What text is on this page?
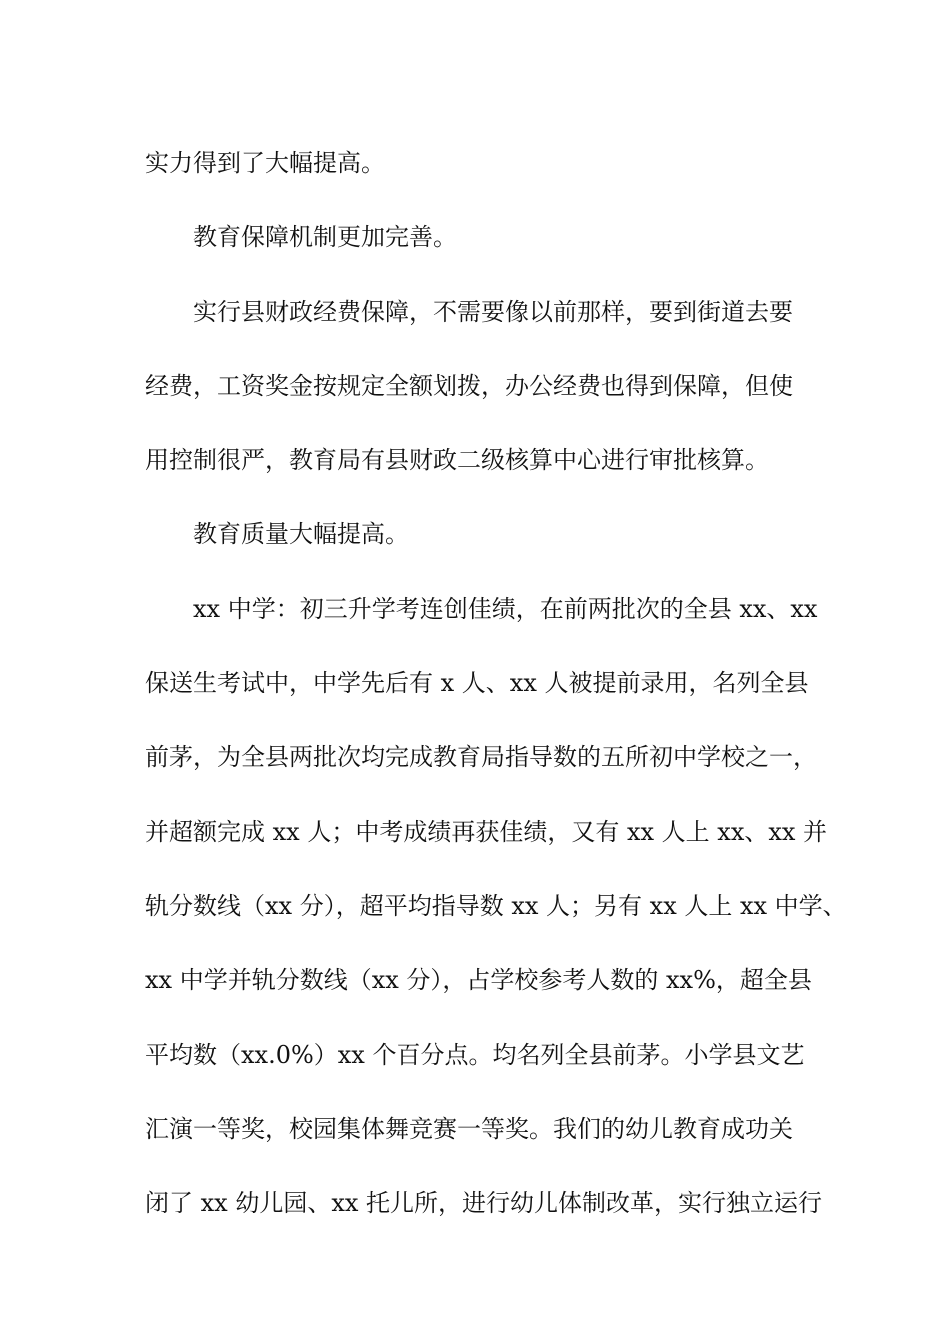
实力得到了大幅提高。
教育保障机制更加完善。
实行县财政经费保障，不需要像以前那样，要到街道去要
经费，工资奖金按规定全额划拨，办公经费也得到保障，但使
用控制很严，教育局有县财政二级核算中心进行审批核算。
教育质量大幅提高。
xx 中学：初三升学考连创佳绩，在前两批次的全县 xx、xx
保送生考试中，中学先后有 x 人、xx 人被提前录用，名列全县
前茅，为全县两批次均完成教育局指导数的五所初中学校之一，
并超额完成 xx 人；中考成绩再获佳绩，又有 xx 人上 xx、xx 并
轨分数线（xx 分），超平均指导数 xx 人；另有 xx 人上 xx 中学、
xx 中学并轨分数线（xx 分），占学校参考人数的 xx%，超全县
平均数（xx.0%）xx 个百分点。均名列全县前茅。小学县文艺
汇演一等奖，校园集体舞竞赛一等奖。我们的幼儿教育成功关
闭了 xx 幼儿园、xx 托儿所，进行幼儿体制改革，实行独立运行
